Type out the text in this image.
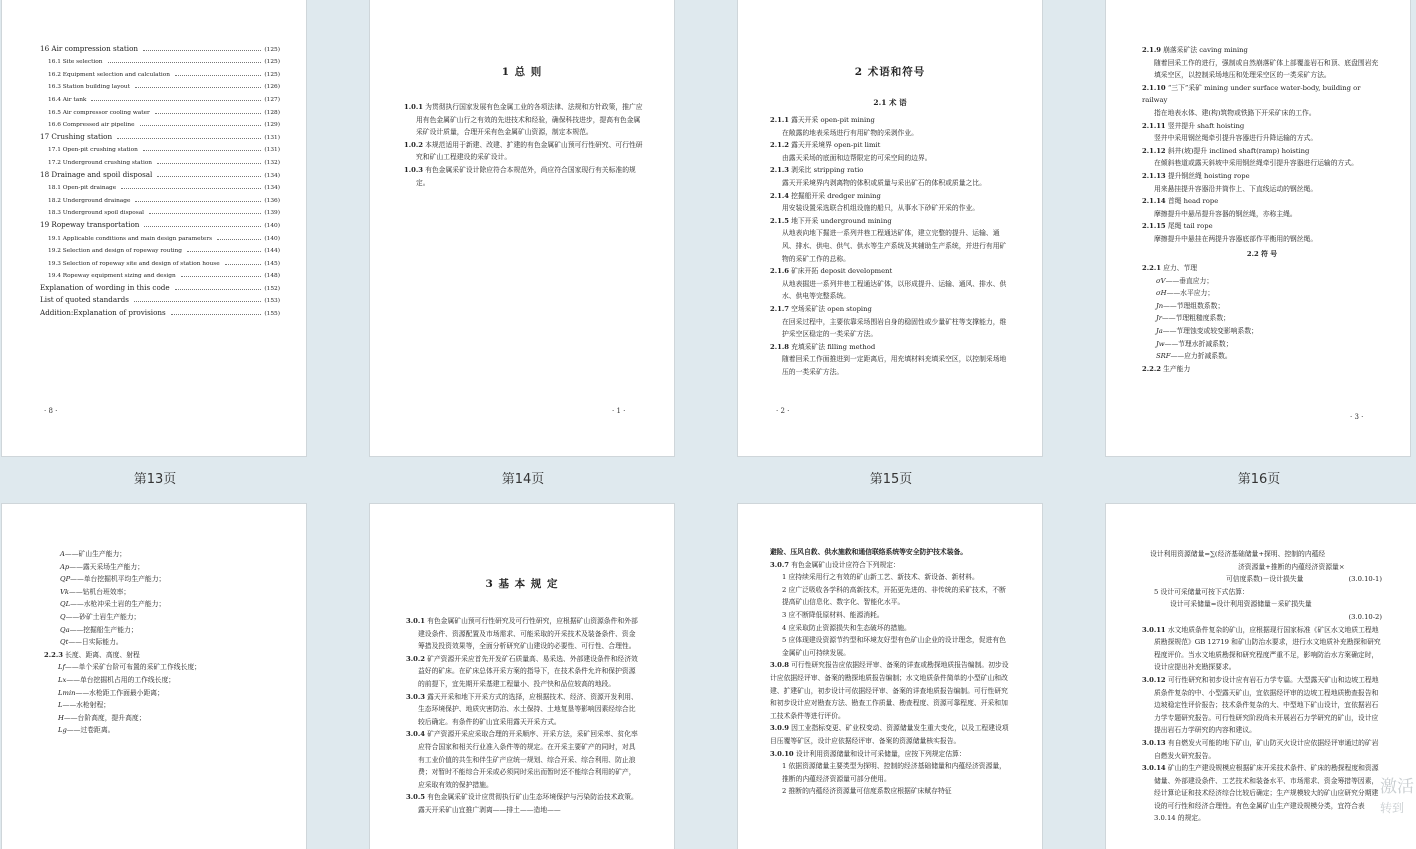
16 Air compression station	(125)
16.1 Site selection	(125)
16.2 Equipment selection and calculation	(125)
16.3 Station building layout	(126)
16.4 Air tank	(127)
16.5 Air compressor cooling water	(128)
16.6 Compressed air pipeline	(129)
17 Crushing station	(131)
17.1 Open-pit crushing station	(131)
17.2 Underground crushing station	(132)
18 Drainage and spoil disposal	(134)
18.1 Open-pit drainage	(134)
18.2 Underground drainage	(136)
18.3 Underground spoil disposal	(139)
19 Ropeway transportation	(140)
19.1 Applicable conditions and main design parameters	(140)
19.2 Selection and design of ropeway routing	(144)
19.3 Selection of ropeway site and design of station house	(145)
19.4 Ropeway equipment sizing and design	(148)
Explanation of wording in this code	(152)
List of quoted standards	(153)
Addition:Explanation of provisions	(155)
· 8 ·
1 总 则

1.0.1 为贯彻执行国家发展有色金属工业的各项法律、法规和方针政策，推广应用有色金属矿山行之有效的先进技术和经验，确保科技进步，提高有色金属采矿设计质量，合理开采有色金属矿山资源，制定本规范。

1.0.2 本规范适用于新建、改建、扩建的有色金属矿山预可行性研究、可行性研究和矿山工程建设的采矿设计。

1.0.3 有色金属采矿设计除应符合本规范外，尚应符合国家现行有关标准的规定。

· 1 ·
2 术语和符号
2.1 术 语

2.1.1 露天开采 open-pit mining

在敞露的地表采场进行有用矿物的采剥作业。

2.1.2 露天开采境界 open-pit limit

由露天采场的底面和边帮限定的可采空间的边界。

2.1.3 剥采比 stripping ratio

露天开采境界内剥离物的体积或质量与采出矿石的体积或质量之比。

2.1.4 挖掘船开采 dredger mining

用安装设置采选联合机组设施的船只，从事水下砂矿开采的作业。

2.1.5 地下开采 underground mining

从地表向地下掘进一系列井巷工程通达矿体，建立完整的提升、运输、通风、排水、供电、供气、供水等生产系统及其辅助生产系统，并进行有用矿物的采矿工作的总称。

2.1.6 矿床开拓 deposit development

从地表掘进一系列井巷工程通达矿体，以形成提升、运输、通风、排水、供水、供电等完整系统。

2.1.7 空场采矿法 open stoping

在回采过程中，主要依靠采场围岩自身的稳固性或少量矿柱等支撑能力，维护采空区稳定的一类采矿方法。

2.1.8 充填采矿法 filling method

随着回采工作面推进到一定距离后，用充填材料充填采空区，以控制采场地压的一类采矿方法。

· 2 ·

2.1.9 崩落采矿法 caving mining

随着回采工作的进行，强制或自然崩落矿体上部覆盖岩石和顶、底盘围岩充填采空区，以控制采场地压和处理采空区的一类采矿方法。

2.1.10 “三下”采矿 mining under surface water-body, building or railway

指在地表水体、建(构)筑物或铁路下开采矿床的工作。

2.1.11 竖井提升 shaft hoisting

竖井中采用钢丝绳牵引提升容器进行升降运输的方式。

2.1.12 斜井(坡)提升 inclined shaft(ramp) hoisting

在倾斜巷道或露天斜坡中采用钢丝绳牵引提升容器进行运输的方式。

2.1.13 提升钢丝绳 hoisting rope

用来悬挂提升容器沿井筒作上、下直线运动的钢丝绳。

2.1.14 首绳 head rope

摩擦提升中悬吊提升容器的钢丝绳，亦称主绳。

2.1.15 尾绳 tail rope

摩擦提升中悬挂在两提升容器底部作平衡用的钢丝绳。

2.2 符 号

2.2.1 应力、节理

σV——垂直应力；

σH——水平应力；

Jn——节理组数系数；

Jr——节理粗糙度系数；

Ja——节理蚀变或较变影响系数；

Jw——节理水折减系数；

SRF——应力折减系数。

2.2.2 生产能力

· 3 ·
第13页	第14页	第15页	第16页

A——矿山生产能力；

Ap——露天采场生产能力；

QP——单台挖掘机平均生产能力；

Vk——钻机台班效率；

QL——水枪冲采土岩的生产能力；

Q——砂矿土岩生产能力；

Qa——挖掘船生产能力；

Qt——日实际能力。

2.2.3 长度、距离、高度、射程

Lf——单个采矿台阶可布置的采矿工作线长度；

Lx——单台挖掘机占用的工作线长度；

Lmin——水枪距工作面最小距离；

L——水枪射程；

H——台阶高度，提升高度；

Lg——过卷距离。

3 基 本 规 定

3.0.1 有色金属矿山预可行性研究及可行性研究，应根据矿山资源条件和外部建设条件、资源配置及市场需求、可能采取的开采技术及装备条件、资金筹措及投资效果等，全面分析研究矿山建设的必要性、可行性、合理性。

3.0.2 矿产资源开采应首先开发矿石质量高、易采选、外部建设条件和经济效益好的矿床。在矿床总体开采方案的指导下，在技术条件允许和保护资源的前提下，宜先期开采基建工程量小、投产快和品位较高的地段。

3.0.3 露天开采和地下开采方式的选择，应根据技术、经济、资源开发利用、生态环境保护、地质灾害防治、水土保持、土地复垦等影响因素经综合比较后确定。有条件的矿山宜采用露天开采方式。

3.0.4 矿产资源开采应采取合理的开采顺序、开采方法，采矿回采率、贫化率应符合国家和相关行业准入条件等的规定。在开采主要矿产的同时，对具有工业价值的共生和伴生矿产应统一规划、综合开采、综合利用、防止浪费；对暂时不能综合开采或必须同时采出而暂时还不能综合利用的矿产，应采取有效的保护措施。

3.0.5 有色金属采矿设计应贯彻执行矿山生态环境保护与污染防治技术政策。露天开采矿山宜推广剥离——排土——造地——

避险、压风自救、供水施救和通信联络系统等安全防护技术装备。

3.0.7 有色金属矿山设计应符合下列规定：

1 应持续采用行之有效的矿山新工艺、新技术、新设备、新材料。

2 应广泛吸收各学科的高新技术，开拓更先进的、非传统的采矿技术，不断提高矿山信息化、数字化、智能化水平。

3 应不断降低原材料、能源消耗。

4 应采取防止资源损失和生态破坏的措施。

5 应体现建设资源节约型和环境友好型有色矿山企业的设计理念，促进有色金属矿山可持续发展。

3.0.8 可行性研究报告应依据经评审、备案的详查或勘探地质报告编制。初步设计应依据经评审、备案的勘探地质报告编制；水文地质条件简单的小型矿山和改建、扩建矿山，初步设计可依据经评审、备案的详查地质报告编制。可行性研究和初步设计应对勘查方法、勘查工作质量、勘查程度、资源可靠程度、开采和加工技术条件等进行评价。

3.0.9 因工业指标变更、矿业权变动、资源储量发生重大变化，以及工程建设项目压覆等矿区，设计应依据经评审、备案的资源储量核实报告。

3.0.10 设计利用资源储量和设计可采储量，应按下列规定估算：

1 依据资源储量主要类型为探明、控制的经济基础储量和内蕴经济资源量，推断的内蕴经济资源量可部分使用。

2 推断的内蕴经济资源量可信度系数应根据矿床赋存特征

设计利用资源储量=∑(经济基础储量+探明、控制的内蕴经

济资源量+推断的内蕴经济资源量×

可信度系数)－设计损失量	(3.0.10-1)

5 设计可采储量可按下式估算：

设计可采储量=设计利用资源储量－采矿损失量

(3.0.10-2)

3.0.11 水文地质条件复杂的矿山，应根据现行国家标准《矿区水文地质工程地质勘探规范》GB 12719 和矿山防治水要求，进行水文地质补充勘探和研究程度评价。当水文地质勘探和研究程度严重不足，影响防治水方案确定时，设计应提出补充勘探要求。

3.0.12 可行性研究和初步设计应有岩石力学专篇。大型露天矿山和边坡工程地质条件复杂的中、小型露天矿山，宜依据经评审的边坡工程地质勘查报告和边坡稳定性评价报告；技术条件复杂的大、中型地下矿山设计，宜依据岩石力学专题研究报告。可行性研究阶段尚未开展岩石力学研究的矿山，设计应提出岩石力学研究的内容和建议。

3.0.13 有自燃发火可能的地下矿山，矿山防灭火设计应依据经评审通过的矿岩自燃发火研究报告。

3.0.14 矿山的生产建设规模应根据矿床开采技术条件、矿床的勘探程度和资源储量、外部建设条件、工艺技术和装备水平、市场需求、资金筹措等因素，经计算论证和技术经济综合比较后确定；生产规模较大的矿山应研究分期建设的可行性和经济合理性。有色金属矿山生产建设规模分类，宜符合表 3.0.14 的规定。

激活
转到
